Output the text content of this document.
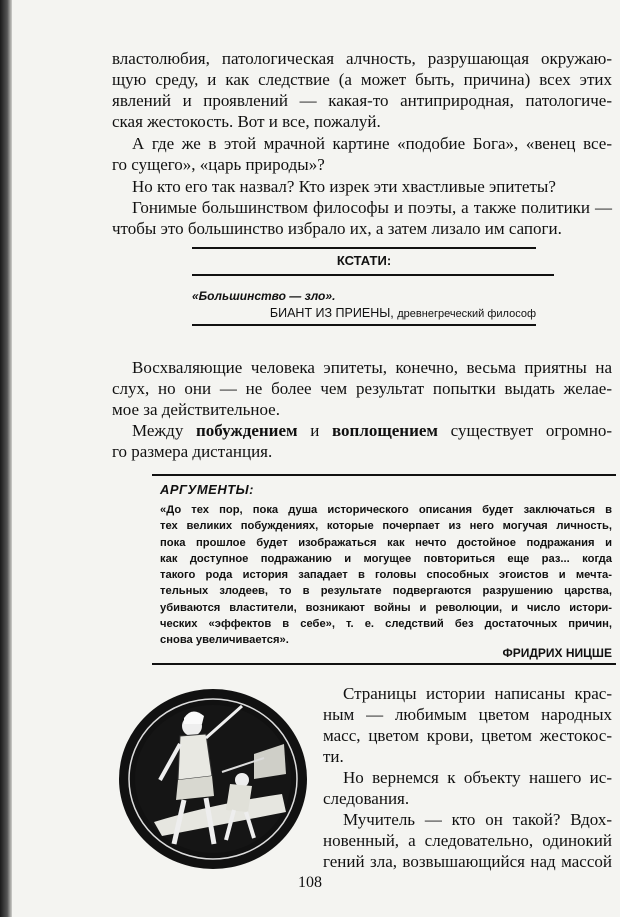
властолюбия, патологическая алчность, разрушающая окружаю-
щую среду, и как следствие (а может быть, причина) всех этих
явлений и проявлений — какая-то антиприродная, патологиче-
ская жестокость. Вот и все, пожалуй.
А где же в этой мрачной картине «подобие Бога», «венец все-
го сущего», «царь природы»?
Но кто его так назвал? Кто изрек эти хвастливые эпитеты?
Гонимые большинством философы и поэты, а также политики —
чтобы это большинство избрало их, а затем лизало им сапоги.
КСТАТИ:
«Большинство — зло».
БИАНТ ИЗ ПРИЕНЫ, древнегреческий философ
Восхваляющие человека эпитеты, конечно, весьма приятны на
слух, но они — не более чем результат попытки выдать желае-
мое за действительное.
Между побуждением и воплощением существует огромно-
го размера дистанция.
АРГУМЕНТЫ:
«До тех пор, пока душа исторического описания будет заключаться в
тех великих побуждениях, которые почерпает из него могучая личность,
пока прошлое будет изображаться как нечто достойное подражания и
как доступное подражанию и могущее повториться еще раз... когда
такого рода история западает в головы способных эгоистов и мечта-
тельных злодеев, то в результате подвергаются разрушению царства,
убиваются властители, возникают войны и революции, и число истори-
ческих «эффектов в себе», т. е. следствий без достаточных причин,
снова увеличивается».
ФРИДРИХ НИЦШЕ
Страницы истории написаны крас-
ным — любимым цветом народных
масс, цветом крови, цветом жестокос-
ти.
Но вернемся к объекту нашего ис-
следования.
Мучитель — кто он такой? Вдох-
новенный, а следовательно, одинокий
гений зла, возвышающийся над массой
108
